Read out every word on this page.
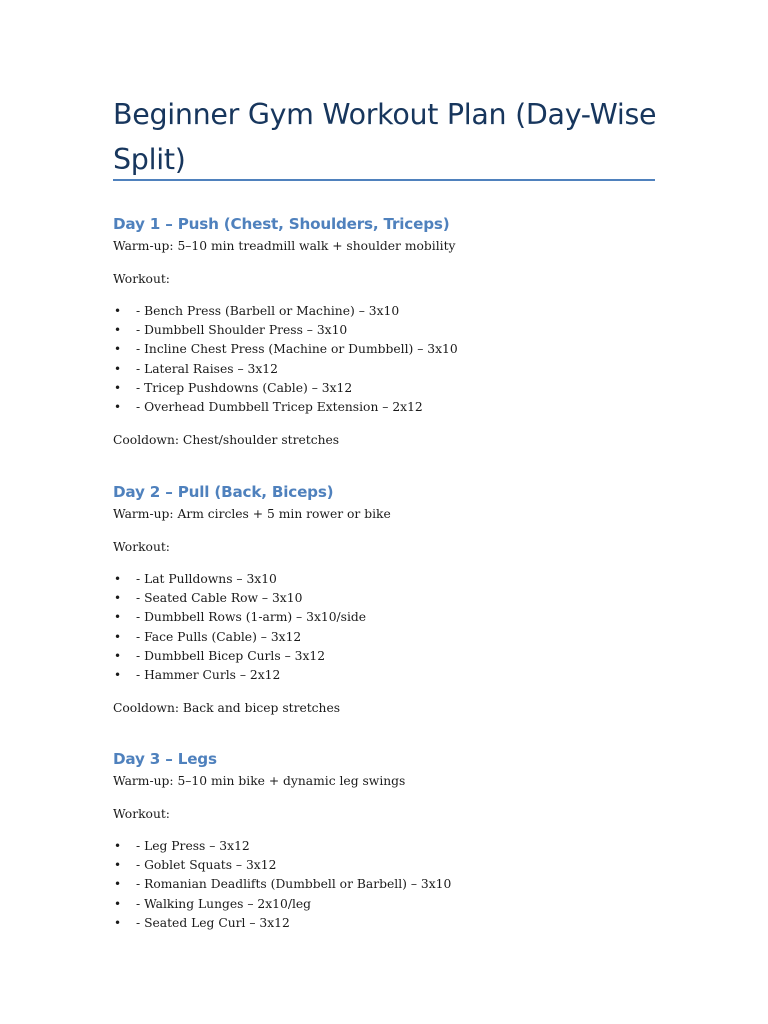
Beginner Gym Workout Plan (Day-Wise Split)
Day 1 – Push (Chest, Shoulders, Triceps)

Warm-up: 5–10 min treadmill walk + shoulder mobility

Workout:

• - Bench Press (Barbell or Machine) – 3x10
• - Dumbbell Shoulder Press – 3x10
• - Incline Chest Press (Machine or Dumbbell) – 3x10
• - Lateral Raises – 3x12
• - Tricep Pushdowns (Cable) – 3x12
• - Overhead Dumbbell Tricep Extension – 2x12

Cooldown: Chest/shoulder stretches

Day 2 – Pull (Back, Biceps)

Warm-up: Arm circles + 5 min rower or bike

Workout:

• - Lat Pulldowns – 3x10
• - Seated Cable Row – 3x10
• - Dumbbell Rows (1-arm) – 3x10/side
• - Face Pulls (Cable) – 3x12
• - Dumbbell Bicep Curls – 3x12
• - Hammer Curls – 2x12

Cooldown: Back and bicep stretches

Day 3 – Legs

Warm-up: 5–10 min bike + dynamic leg swings

Workout:

• - Leg Press – 3x12
• - Goblet Squats – 3x12
• - Romanian Deadlifts (Dumbbell or Barbell) – 3x10
• - Walking Lunges – 2x10/leg
• - Seated Leg Curl – 3x12
